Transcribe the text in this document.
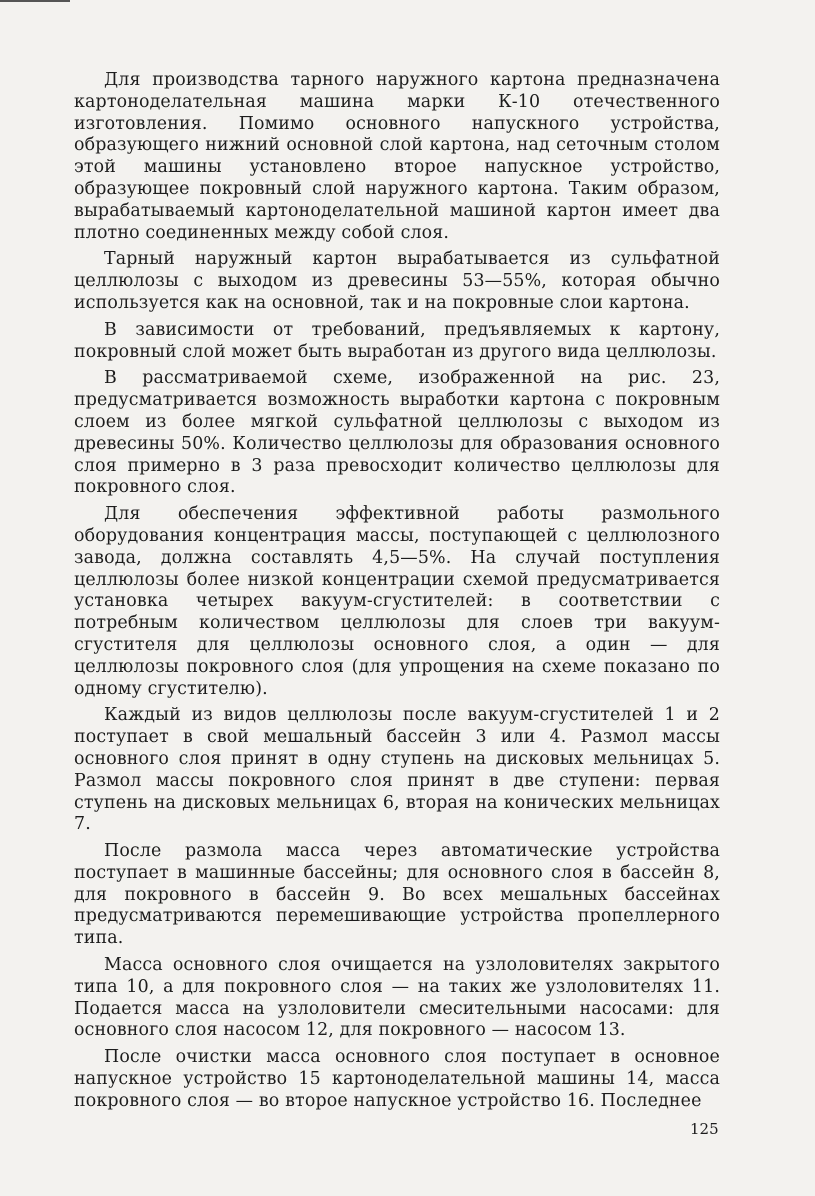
Для производства тарного наружного картона предназначена картоноделательная машина марки К-10 отечественного изготовления. Помимо основного напускного устройства, образующего нижний основной слой картона, над сеточным столом этой машины установлено второе напускное устройство, образующее покровный слой наружного картона. Таким образом, вырабатываемый картоноделательной машиной картон имеет два плотно соединенных между собой слоя.

Тарный наружный картон вырабатывается из сульфатной целлюлозы с выходом из древесины 53—55%, которая обычно используется как на основной, так и на покровные слои картона.

В зависимости от требований, предъявляемых к картону, покровный слой может быть выработан из другого вида целлюлозы.

В рассматриваемой схеме, изображенной на рис. 23, предусматривается возможность выработки картона с покровным слоем из более мягкой сульфатной целлюлозы с выходом из древесины 50%. Количество целлюлозы для образования основного слоя примерно в 3 раза превосходит количество целлюлозы для покровного слоя.

Для обеспечения эффективной работы размольного оборудования концентрация массы, поступающей с целлюлозного завода, должна составлять 4,5—5%. На случай поступления целлюлозы более низкой концентрации схемой предусматривается установка четырех вакуум-сгустителей: в соответствии с потребным количеством целлюлозы для слоев три вакуум-сгустителя для целлюлозы основного слоя, а один — для целлюлозы покровного слоя (для упрощения на схеме показано по одному сгустителю).

Каждый из видов целлюлозы после вакуум-сгустителей 1 и 2 поступает в свой мешальный бассейн 3 или 4. Размол массы основного слоя принят в одну ступень на дисковых мельницах 5. Размол массы покровного слоя принят в две ступени: первая ступень на дисковых мельницах 6, вторая на конических мельницах 7.

После размола масса через автоматические устройства поступает в машинные бассейны; для основного слоя в бассейн 8, для покровного в бассейн 9. Во всех мешальных бассейнах предусматриваются перемешивающие устройства пропеллерного типа.

Масса основного слоя очищается на узлоловителях закрытого типа 10, а для покровного слоя — на таких же узлоловителях 11. Подается масса на узлоловители смесительными насосами: для основного слоя насосом 12, для покровного — насосом 13.

После очистки масса основного слоя поступает в основное напускное устройство 15 картоноделательной машины 14, масса покровного слоя — во второе напускное устройство 16. Последнее

125
